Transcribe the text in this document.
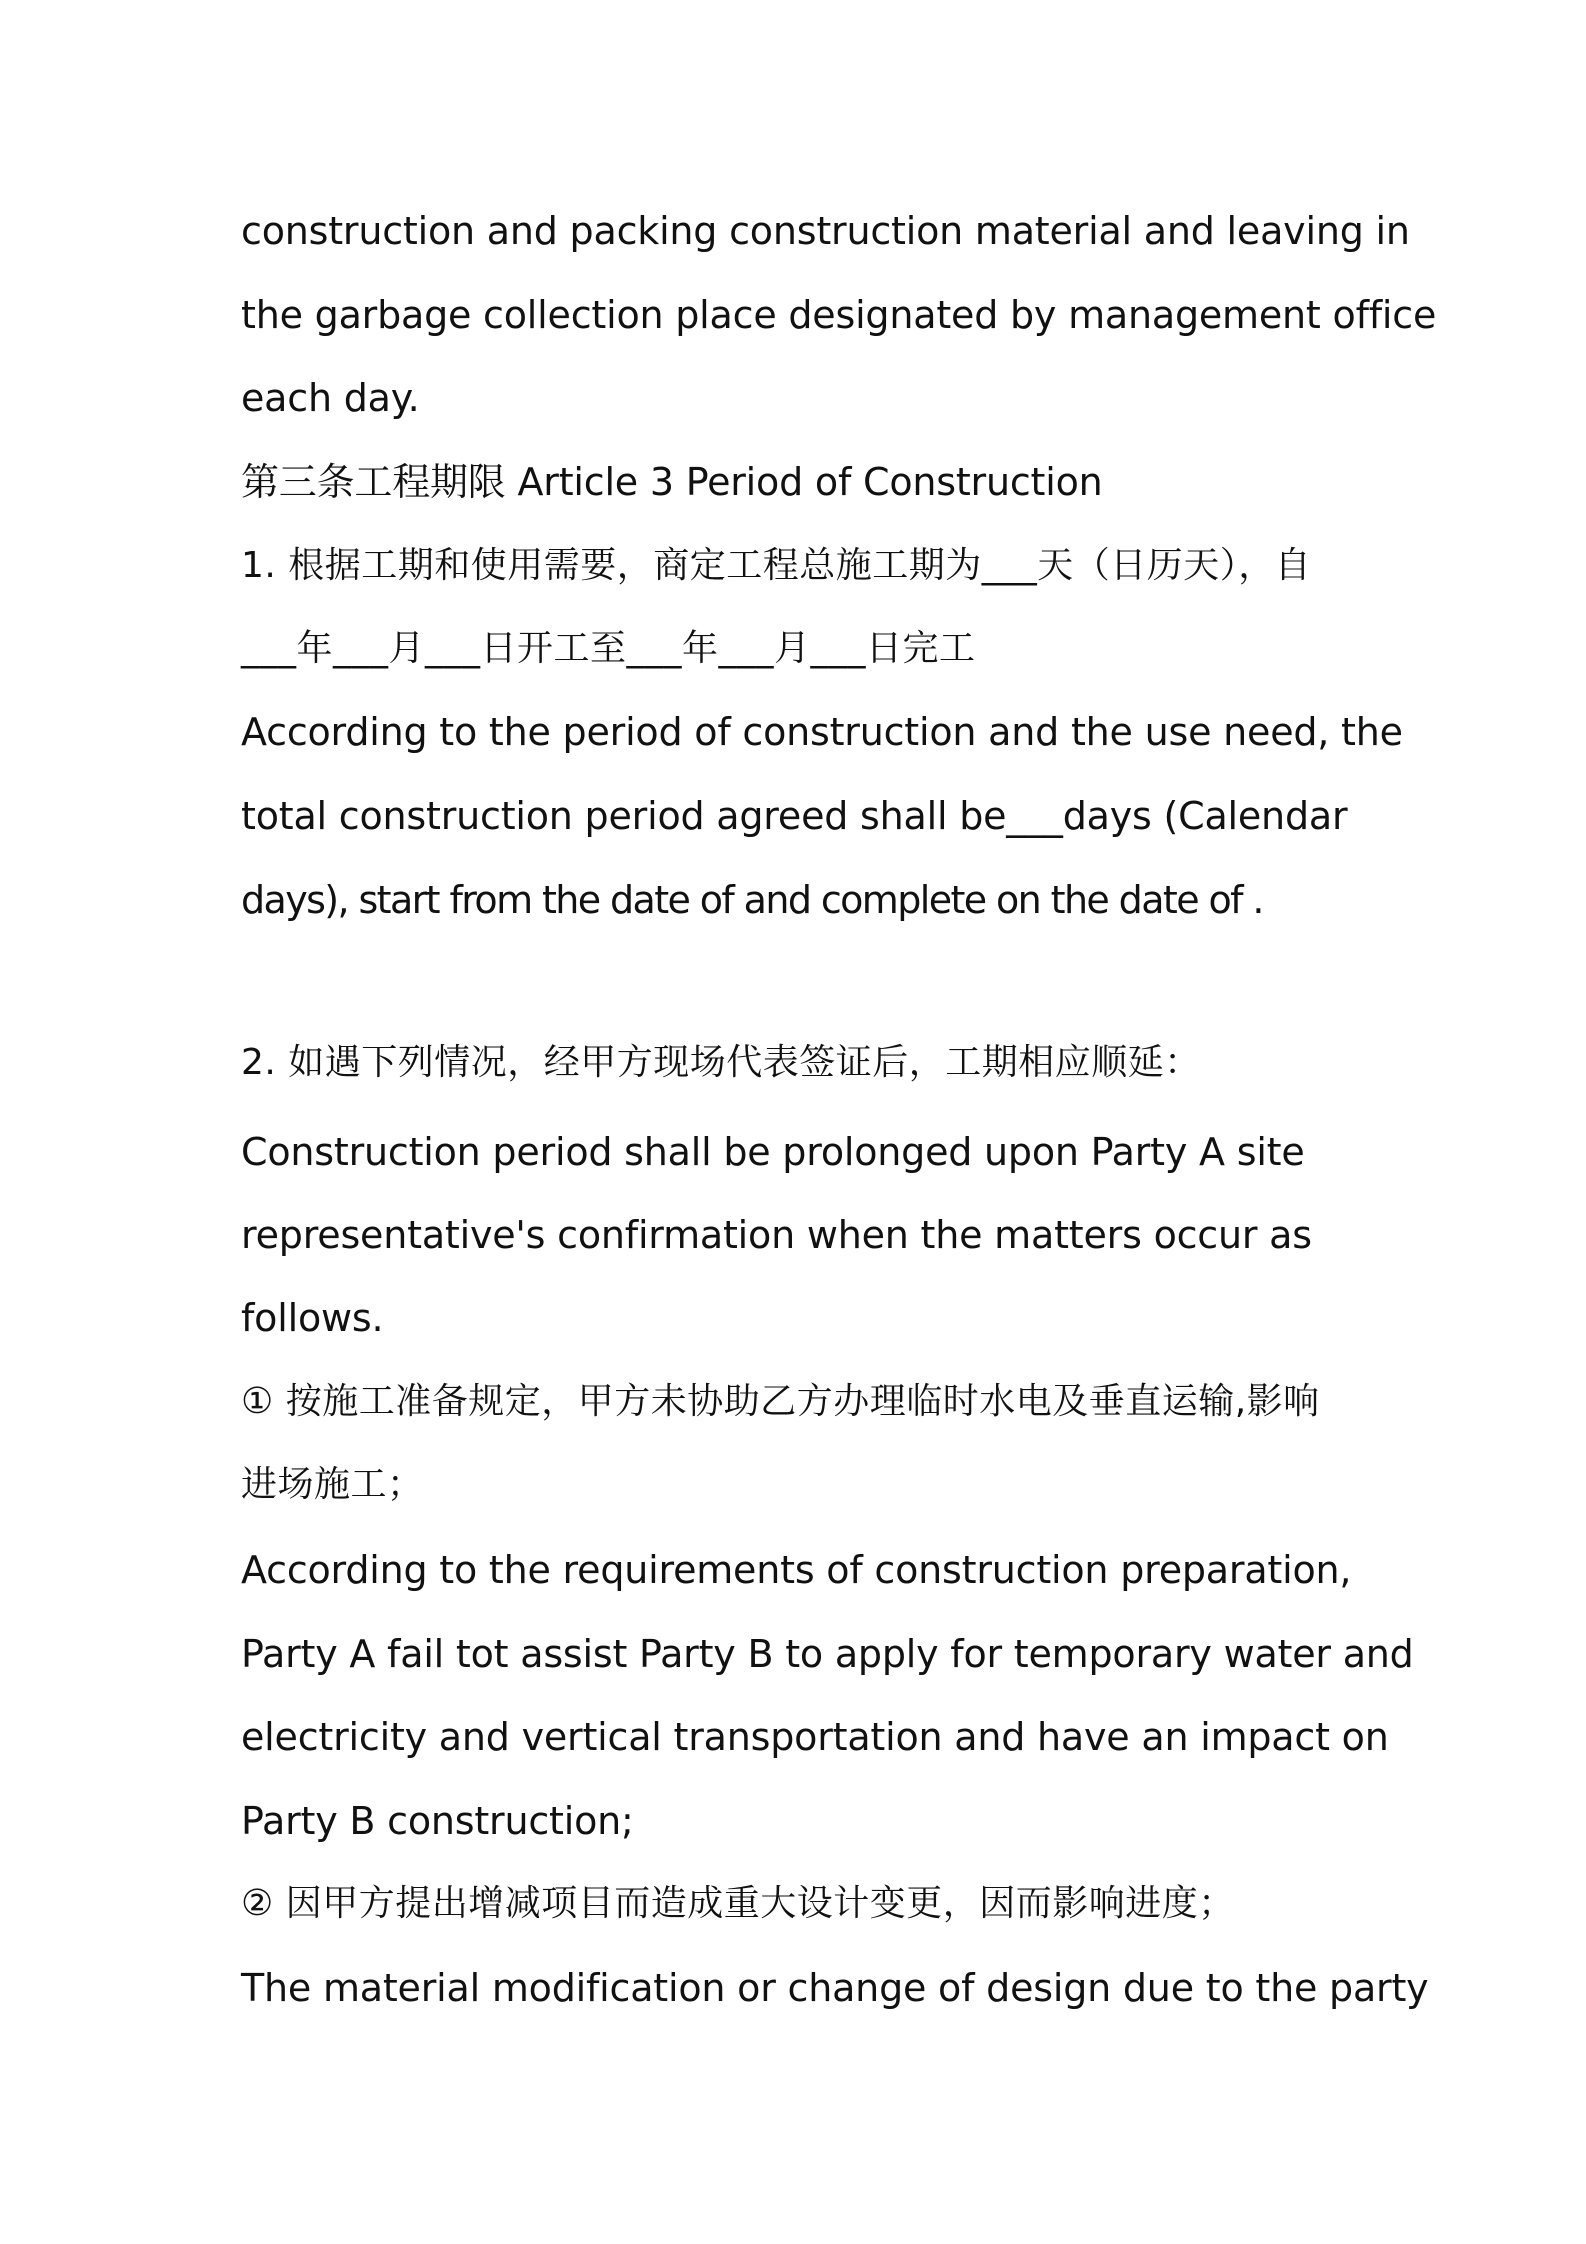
construction and packing construction material and leaving in
the garbage collection place designated by management office
each day.
第三条工程期限 Article 3 Period of Construction
1. 根据工期和使用需要，商定工程总施工期为___天（日历天），自
___年___月___日开工至___年___月___日完工
According to the period of construction and the use need, the
total construction period agreed shall be___days (Calendar
days), start from the date of and complete on the date of .
2. 如遇下列情况，经甲方现场代表签证后，工期相应顺延：
Construction period shall be prolonged upon Party A site
representative's confirmation when the matters occur as
follows.
① 按施工准备规定，甲方未协助乙方办理临时水电及垂直运输,影响
进场施工；
According to the requirements of construction preparation,
Party A fail tot assist Party B to apply for temporary water and
electricity and vertical transportation and have an impact on
Party B construction;
② 因甲方提出增减项目而造成重大设计变更，因而影响进度；
The material modification or change of design due to the party
